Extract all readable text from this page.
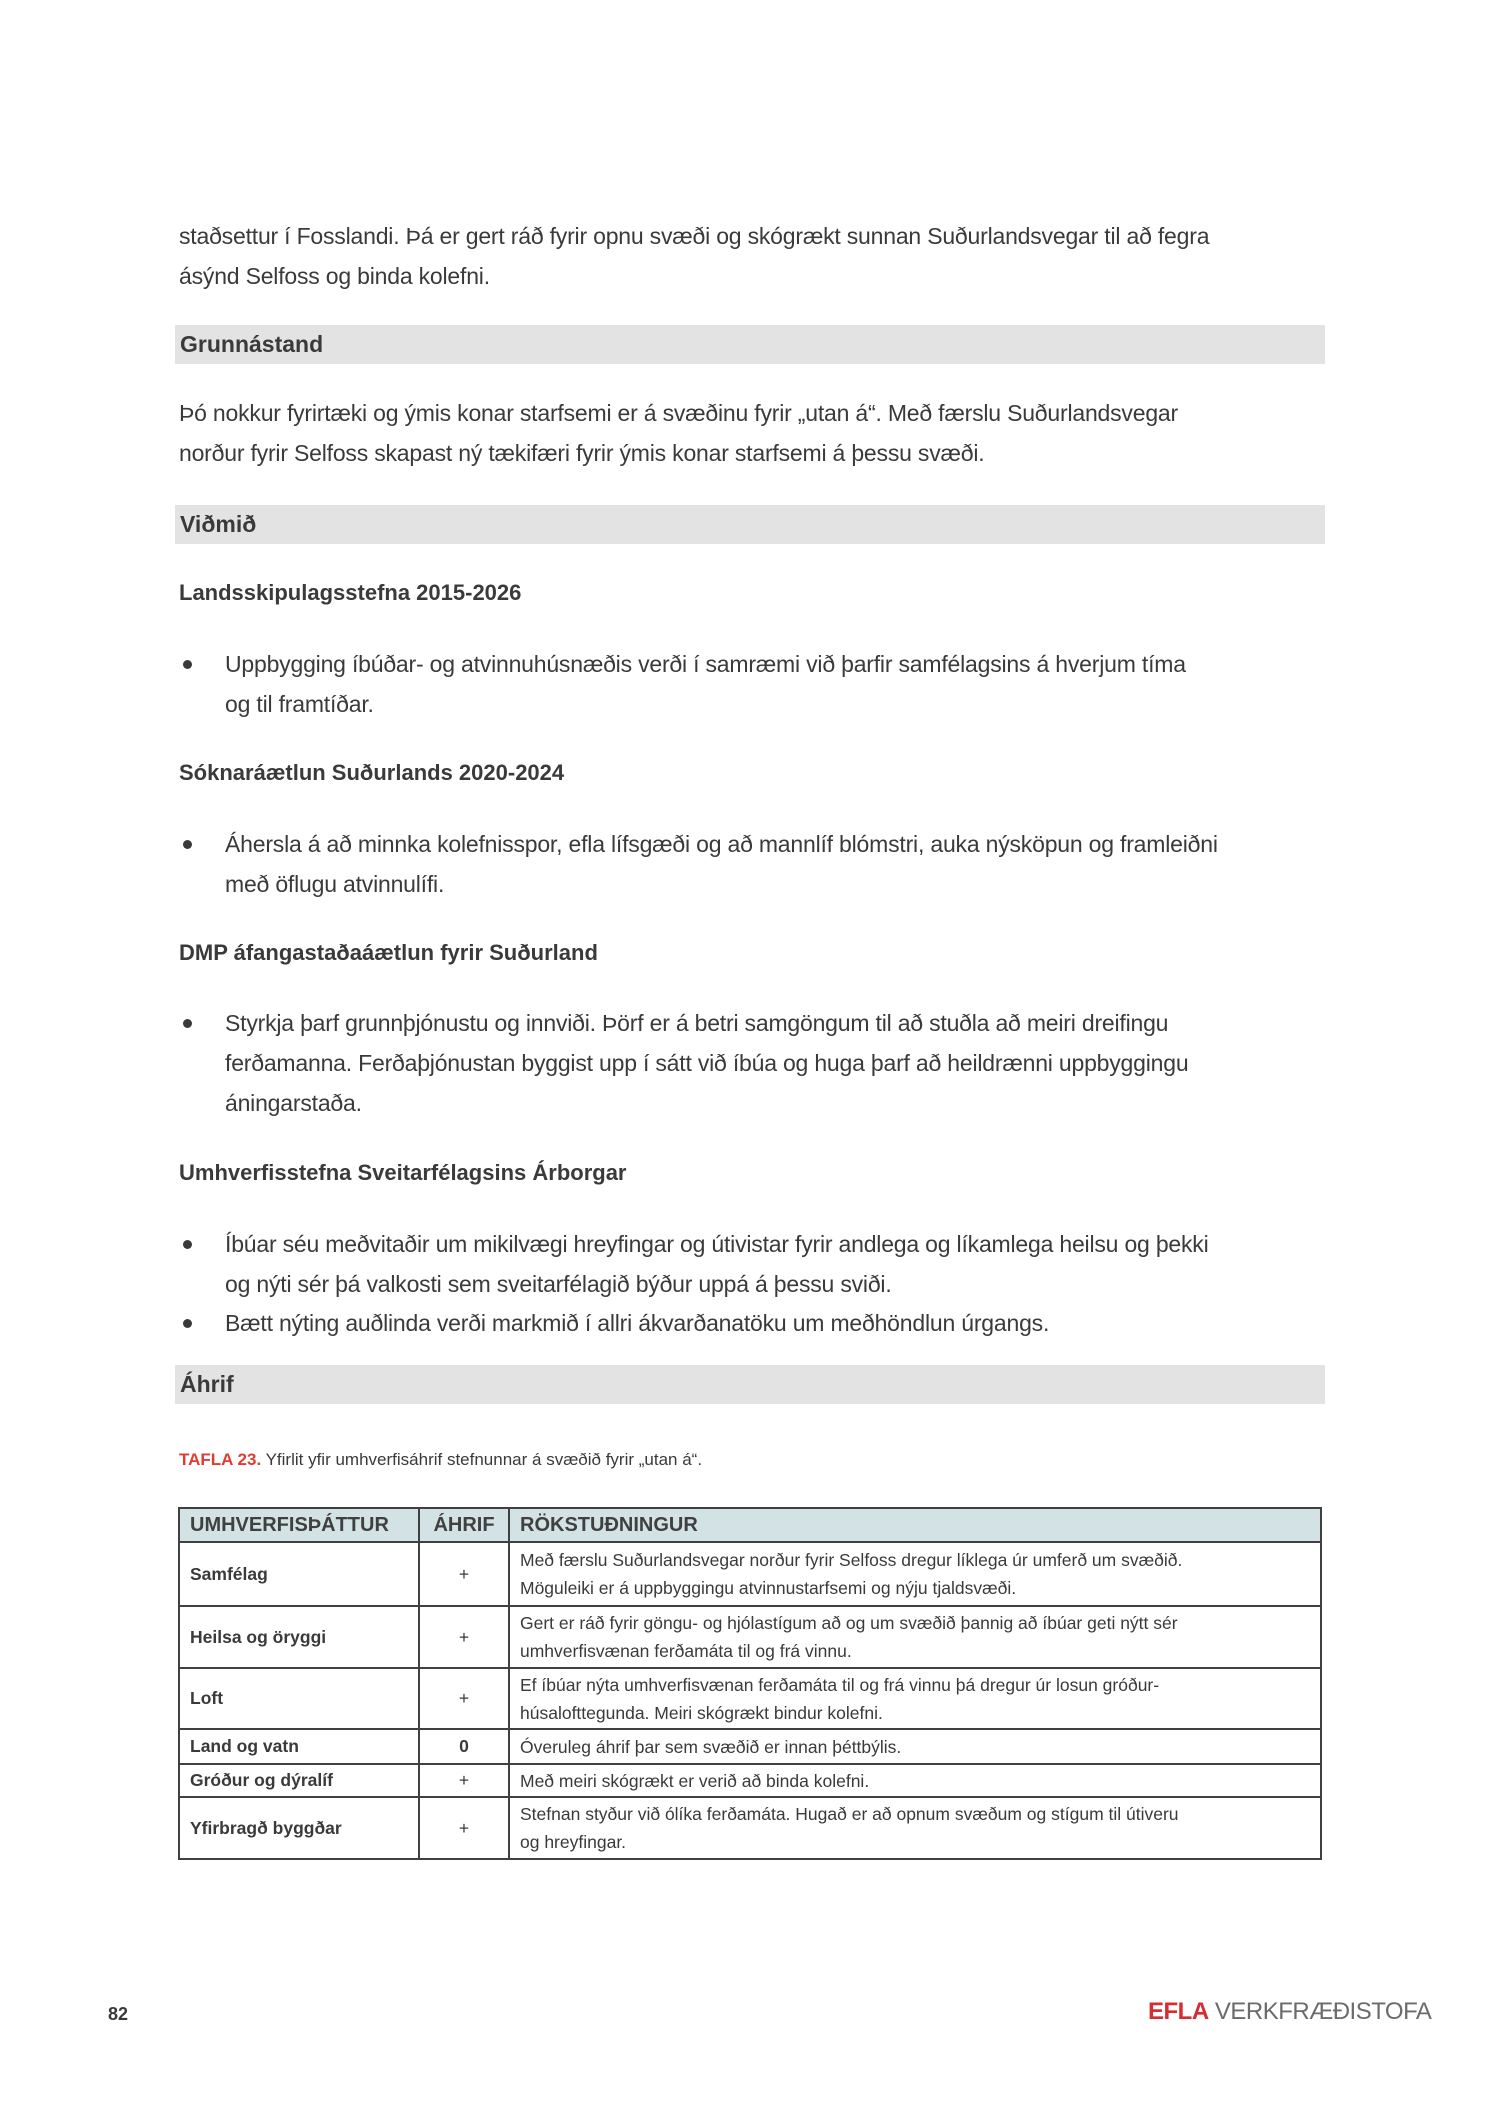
staðsettur í Fosslandi. Þá er gert ráð fyrir opnu svæði og skógrækt sunnan Suðurlandsvegar til að fegra
ásýnd Selfoss og binda kolefni.
Grunnástand
Þó nokkur fyrirtæki og ýmis konar starfsemi er á svæðinu fyrir „utan á“. Með færslu Suðurlandsvegar
norður fyrir Selfoss skapast ný tækifæri fyrir ýmis konar starfsemi á þessu svæði.
Viðmið
Landsskipulagsstefna 2015-2026
Uppbygging íbúðar- og atvinnuhúsnæðis verði í samræmi við þarfir samfélagsins á hverjum tíma
og til framtíðar.
Sóknaráætlun Suðurlands 2020-2024
Áhersla á að minnka kolefnisspor, efla lífsgæði og að mannlíf blómstri, auka nýsköpun og framleiðni
með öflugu atvinnulífi.
DMP áfangastaðaáætlun fyrir Suðurland
Styrkja þarf grunnþjónustu og innviði. Þörf er á betri samgöngum til að stuðla að meiri dreifingu
ferðamanna. Ferðaþjónustan byggist upp í sátt við íbúa og huga þarf að heildrænni uppbyggingu
áningarstaða.
Umhverfisstefna Sveitarfélagsins Árborgar
Íbúar séu meðvitaðir um mikilvægi hreyfingar og útivistar fyrir andlega og líkamlega heilsu og þekki
og nýti sér þá valkosti sem sveitarfélagið býður uppá á þessu sviði.
Bætt nýting auðlinda verði markmið í allri ákvarðanatöku um meðhöndlun úrgangs.
Áhrif
TAFLA 23. Yfirlit yfir umhverfisáhrif stefnunnar á svæðið fyrir „utan á“.
UMHVERFISÞÁTTUR	ÁHRIF	RÖKSTUÐNINGUR
Samfélag	+	Með færslu Suðurlandsvegar norður fyrir Selfoss dregur líklega úr umferð um svæðið.
Möguleiki er á uppbyggingu atvinnustarfsemi og nýju tjaldsvæði.

Heilsa og öryggi	+	Gert er ráð fyrir göngu- og hjólastígum að og um svæðið þannig að íbúar geti nýtt sér
umhverfisvænan ferðamáta til og frá vinnu.

Loft	+	Ef íbúar nýta umhverfisvænan ferðamáta til og frá vinnu þá dregur úr losun gróður-
húsalofttegunda. Meiri skógrækt bindur kolefni.

Land og vatn	0	Óveruleg áhrif þar sem svæðið er innan þéttbýlis.

Gróður og dýralíf	+	Með meiri skógrækt er verið að binda kolefni.

Yfirbragð byggðar	+	Stefnan styður við ólíka ferðamáta. Hugað er að opnum svæðum og stígum til útiveru
og hreyfingar.
82	EFLA VERKFRÆÐISTOFA
